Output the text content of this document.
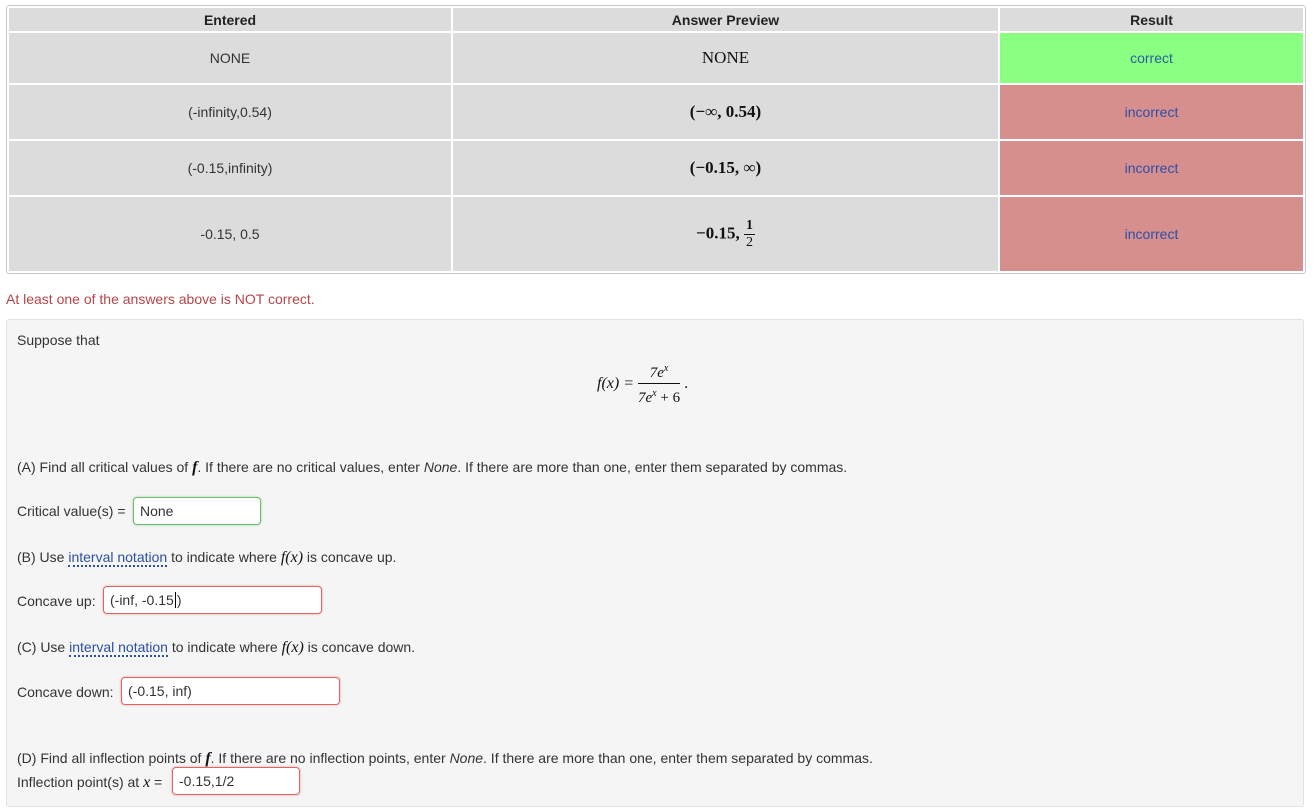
Entered	Answer Preview	Result
NONE	NONE	correct
(-infinity,0.54)	(−∞, 0.54)	incorrect
(-0.15,infinity)	(−0.15, ∞)	incorrect
-0.15, 0.5	−0.15, $\frac{1}{2}$	incorrect
At least one of the answers above is NOT correct.
Suppose that
$f(x) = \frac{7e^x}{7e^x + 6}$ .
(A) Find all critical values of f. If there are no critical values, enter None. If there are more than one, enter them separated by commas.
Critical value(s) =	None
(B) Use interval notation to indicate where f(x) is concave up.
Concave up:	(-inf, -0.15 )
(C) Use interval notation to indicate where f(x) is concave down.
Concave down:	(-0.15, inf)
(D) Find all inflection points of f. If there are no inflection points, enter None. If there are more than one, enter them separated by commas.
Inflection point(s) at x =	-0.15,1/2
